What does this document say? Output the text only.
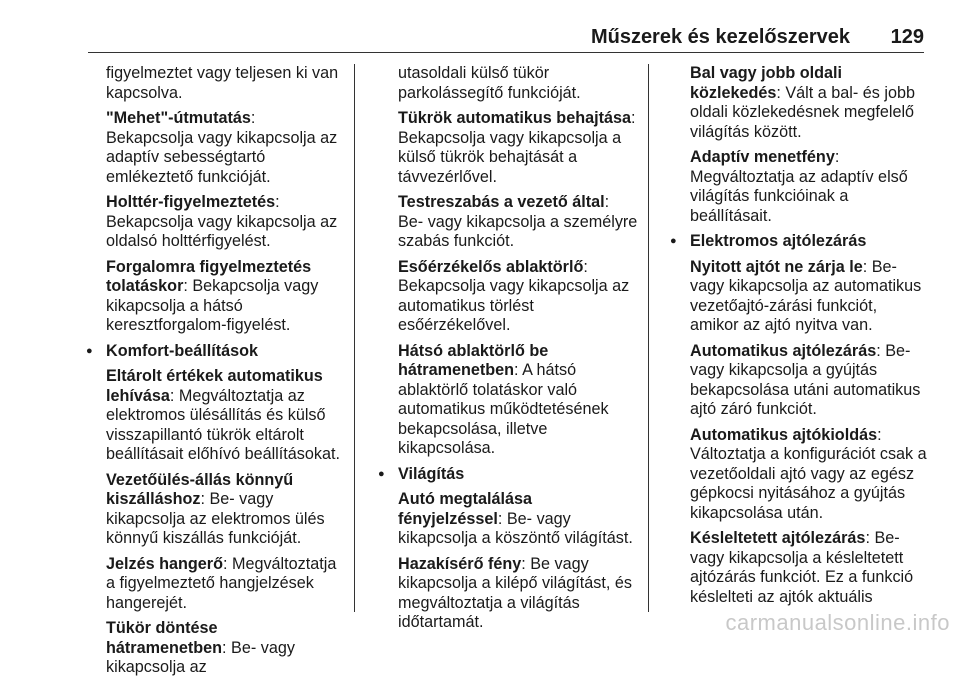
Műszerek és kezelőszervek 129
figyelmeztet vagy teljesen ki van kapcsolva.
"Mehet"-útmutatás: Bekapcsolja vagy kikapcsolja az adaptív sebességtartó emlékeztető funkcióját.
Holttér-figyelmeztetés: Bekapcsolja vagy kikapcsolja az oldalsó holttérfigyelést.
Forgalomra figyelmeztetés tolatáskor: Bekapcsolja vagy kikapcsolja a hátsó keresztforgalom-figyelést.
● Komfort-beállítások
Eltárolt értékek automatikus lehívása: Megváltoztatja az elektromos ülésállítás és külső visszapillantó tükrök eltárolt beállításait előhívó beállításokat.
Vezetőülés-állás könnyű kiszálláshoz: Be- vagy kikapcsolja az elektromos ülés könnyű kiszállás funkcióját.
Jelzés hangerő: Megváltoztatja a figyelmeztető hangjelzések hangerejét.
Tükör döntése hátramenetben: Be- vagy kikapcsolja az
utasoldali külső tükör parkolássegítő funkcióját.
Tükrök automatikus behajtása: Bekapcsolja vagy kikapcsolja a külső tükrök behajtását a távvezérlővel.
Testreszabás a vezető által: Be- vagy kikapcsolja a személyre szabás funkciót.
Esőérzékelős ablaktörlő: Bekapcsolja vagy kikapcsolja az automatikus törlést esőérzékelővel.
Hátsó ablaktörlő be hátramenetben: A hátsó ablaktörlő tolatáskor való automatikus működtetésének bekapcsolása, illetve kikapcsolása.
● Világítás
Autó megtalálása fényjelzéssel: Be- vagy kikapcsolja a köszöntő világítást.
Hazakísérő fény: Be vagy kikapcsolja a kilépő világítást, és megváltoztatja a világítás időtartamát.
Bal vagy jobb oldali közlekedés: Vált a bal- és jobb oldali közlekedésnek megfelelő világítás között.
Adaptív menetfény: Megváltoztatja az adaptív első világítás funkcióinak a beállításait.
● Elektromos ajtólezárás
Nyitott ajtót ne zárja le: Be- vagy kikapcsolja az automatikus vezetőajtó-zárási funkciót, amikor az ajtó nyitva van.
Automatikus ajtólezárás: Be- vagy kikapcsolja a gyújtás bekapcsolása utáni automatikus ajtó záró funkciót.
Automatikus ajtókioldás: Változtatja a konfigurációt csak a vezetőoldali ajtó vagy az egész gépkocsi nyitásához a gyújtás kikapcsolása után.
Késleltetett ajtólezárás: Be- vagy kikapcsolja a késleltetett ajtózárás funkciót. Ez a funkció késlelteti az ajtók aktuális
carmanualsonline.info
